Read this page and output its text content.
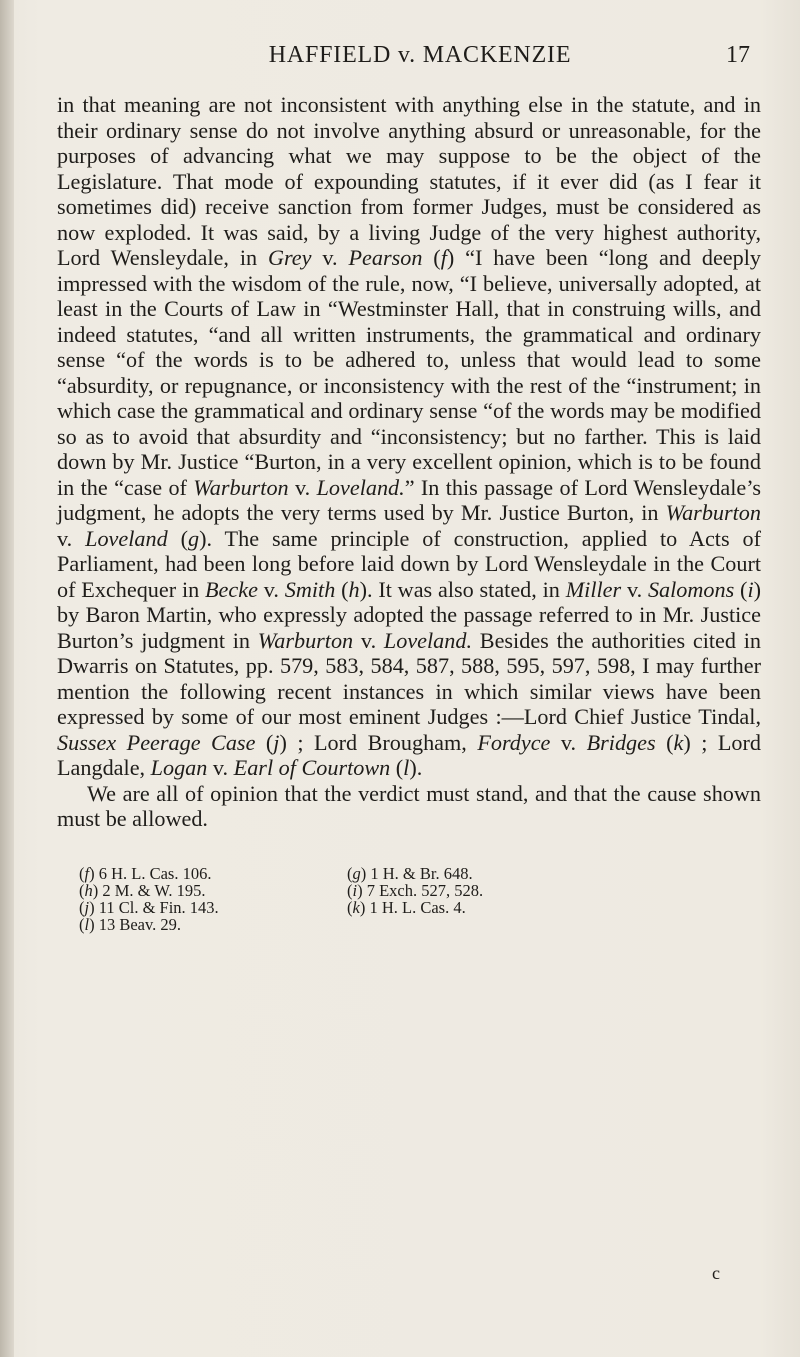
HAFFIELD v. MACKENZIE	17

in that meaning are not inconsistent with anything else in the statute, and in their ordinary sense do not involve anything absurd or unreasonable, for the purposes of advancing what we may suppose to be the object of the Legislature. That mode of expounding statutes, if it ever did (as I fear it sometimes did) receive sanction from former Judges, must be considered as now exploded. It was said, by a living Judge of the very highest authority, Lord Wensleydale, in Grey v. Pearson (f) “I have been “long and deeply impressed with the wisdom of the rule, now, “I believe, universally adopted, at least in the Courts of Law in “Westminster Hall, that in construing wills, and indeed statutes, “and all written instruments, the grammatical and ordinary sense “of the words is to be adhered to, unless that would lead to some “absurdity, or repugnance, or inconsistency with the rest of the “instrument; in which case the grammatical and ordinary sense “of the words may be modified so as to avoid that absurdity and “inconsistency; but no farther. This is laid down by Mr. Justice “Burton, in a very excellent opinion, which is to be found in the “case of Warburton v. Loveland.” In this passage of Lord Wensleydale’s judgment, he adopts the very terms used by Mr. Justice Burton, in Warburton v. Loveland (g). The same principle of construction, applied to Acts of Parliament, had been long before laid down by Lord Wensleydale in the Court of Exchequer in Becke v. Smith (h). It was also stated, in Miller v. Salomons (i) by Baron Martin, who expressly adopted the passage referred to in Mr. Justice Burton’s judgment in Warburton v. Loveland. Besides the authorities cited in Dwarris on Statutes, pp. 579, 583, 584, 587, 588, 595, 597, 598, I may further mention the following recent instances in which similar views have been expressed by some of our most eminent Judges :—Lord Chief Justice Tindal, Sussex Peerage Case (j) ; Lord Brougham, Fordyce v. Bridges (k) ; Lord Langdale, Logan v. Earl of Courtown (l).

We are all of opinion that the verdict must stand, and that the cause shown must be allowed.

(f) 6 H. L. Cas. 106.
(h) 2 M. & W. 195.
(j) 11 Cl. & Fin. 143.
(l) 13 Beav. 29.
(g) 1 H. & Br. 648.
(i) 7 Exch. 527, 528.
(k) 1 H. L. Cas. 4.
c
